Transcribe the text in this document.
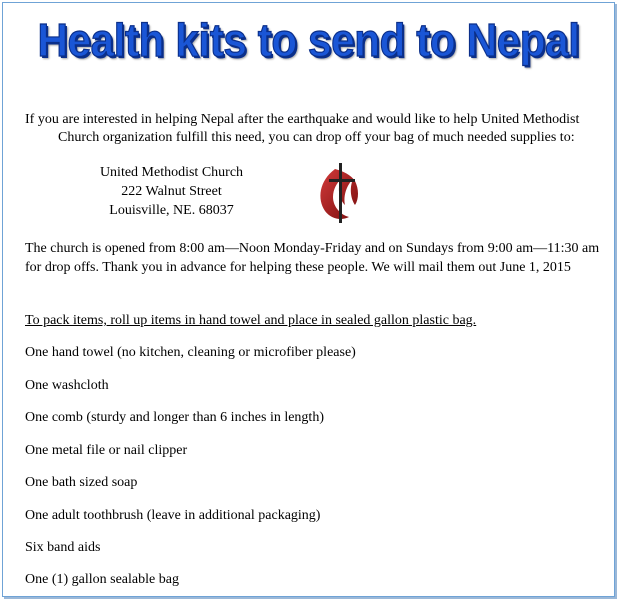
Health kits to send to Nepal
If you are interested in helping Nepal after the earthquake and would like to help United Methodist
Church organization fulfill this need, you can drop off your bag of much needed supplies to:
United Methodist Church
222 Walnut Street
Louisville, NE. 68037
The church is opened from 8:00 am—Noon Monday-Friday and on Sundays from 9:00 am—11:30 am
for drop offs. Thank you in advance for helping these people. We will mail them out June 1, 2015
To pack items, roll up items in hand towel and place in sealed gallon plastic bag.
One hand towel (no kitchen, cleaning or microfiber please)
One washcloth
One comb (sturdy and longer than 6 inches in length)
One metal file or nail clipper
One bath sized soap
One adult toothbrush (leave in additional packaging)
Six band aids
One (1) gallon sealable bag
